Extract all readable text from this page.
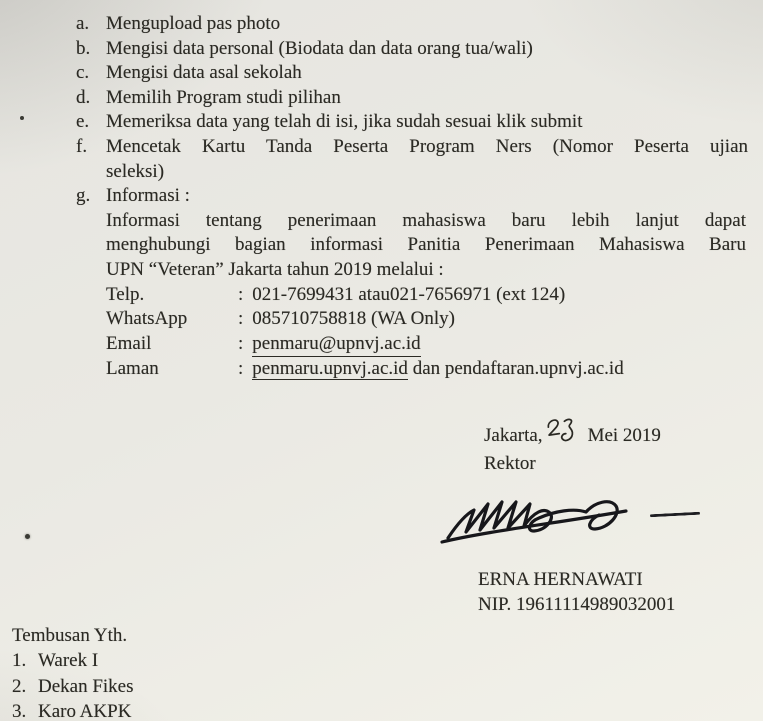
a. Mengupload pas photo
b. Mengisi data personal (Biodata dan data orang tua/wali)
c. Mengisi data asal sekolah
d. Memilih Program studi pilihan
e. Memeriksa data yang telah di isi, jika sudah sesuai klik submit
f. Mencetak Kartu Tanda Peserta Program Ners (Nomor Peserta ujian
seleksi)
g. Informasi :
Informasi tentang penerimaan mahasiswa baru lebih lanjut dapat
menghubungi bagian informasi Panitia Penerimaan Mahasiswa Baru
UPN “Veteran” Jakarta tahun 2019 melalui :
Telp.	: 021-7699431 atau021-7656971 (ext 124)
WhatsApp	: 085710758818 (WA Only)
Email	: penmaru@upnvj.ac.id
Laman	: penmaru.upnvj.ac.id dan pendaftaran.upnvj.ac.id
Jakarta, Mei 2019
Rektor
ERNA HERNAWATI
NIP. 19611114989032001
Tembusan Yth.
1. Warek I
2. Dekan Fikes
3. Karo AKPK
